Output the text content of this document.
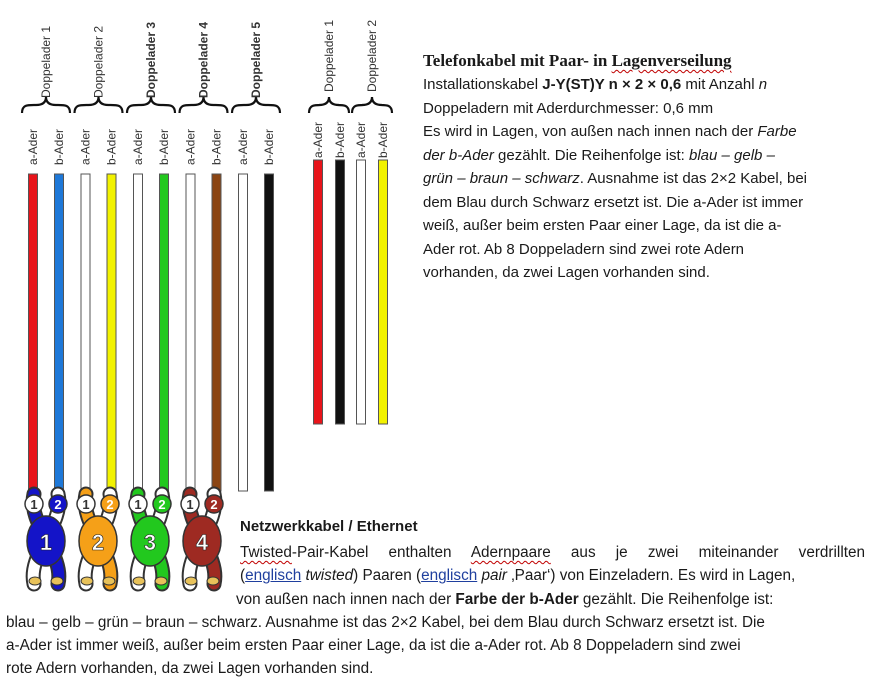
Doppelader 1
a-Ader b-Ader
Doppelader 2
a-Ader b-Ader
Doppelader 3
a-Ader b-Ader
Doppelader 4
a-Ader b-Ader
Doppelader 5
a-Ader b-Ader
Doppelader 1
a-Ader b-Ader
Doppelader 2
a-Ader b-Ader
1 2
1
1 2
2
1 2
3
1 2
4
Telefonkabel mit Paar- in Lagenverseilung
Installationskabel J-Y(ST)Y n × 2 × 0,6 mit Anzahl n
Doppeladern mit Aderdurchmesser: 0,6 mm
Es wird in Lagen, von außen nach innen nach der Farbe
der b-Ader gezählt. Die Reihenfolge ist: blau – gelb –
grün – braun – schwarz. Ausnahme ist das 2×2 Kabel, bei
dem Blau durch Schwarz ersetzt ist. Die a-Ader ist immer
weiß, außer beim ersten Paar einer Lage, da ist die a-
Ader rot. Ab 8 Doppeladern sind zwei rote Adern
vorhanden, da zwei Lagen vorhanden sind.
Netzwerkkabel / Ethernet
Twisted-Pair-Kabel enthalten Adernpaare aus je zwei miteinander verdrillten
(englisch twisted) Paaren (englisch pair ‚Paar‘) von Einzeladern. Es wird in Lagen,
von außen nach innen nach der Farbe der b-Ader gezählt. Die Reihenfolge ist:
blau – gelb – grün – braun – schwarz. Ausnahme ist das 2×2 Kabel, bei dem Blau durch Schwarz ersetzt ist. Die
a-Ader ist immer weiß, außer beim ersten Paar einer Lage, da ist die a-Ader rot. Ab 8 Doppeladern sind zwei
rote Adern vorhanden, da zwei Lagen vorhanden sind.
